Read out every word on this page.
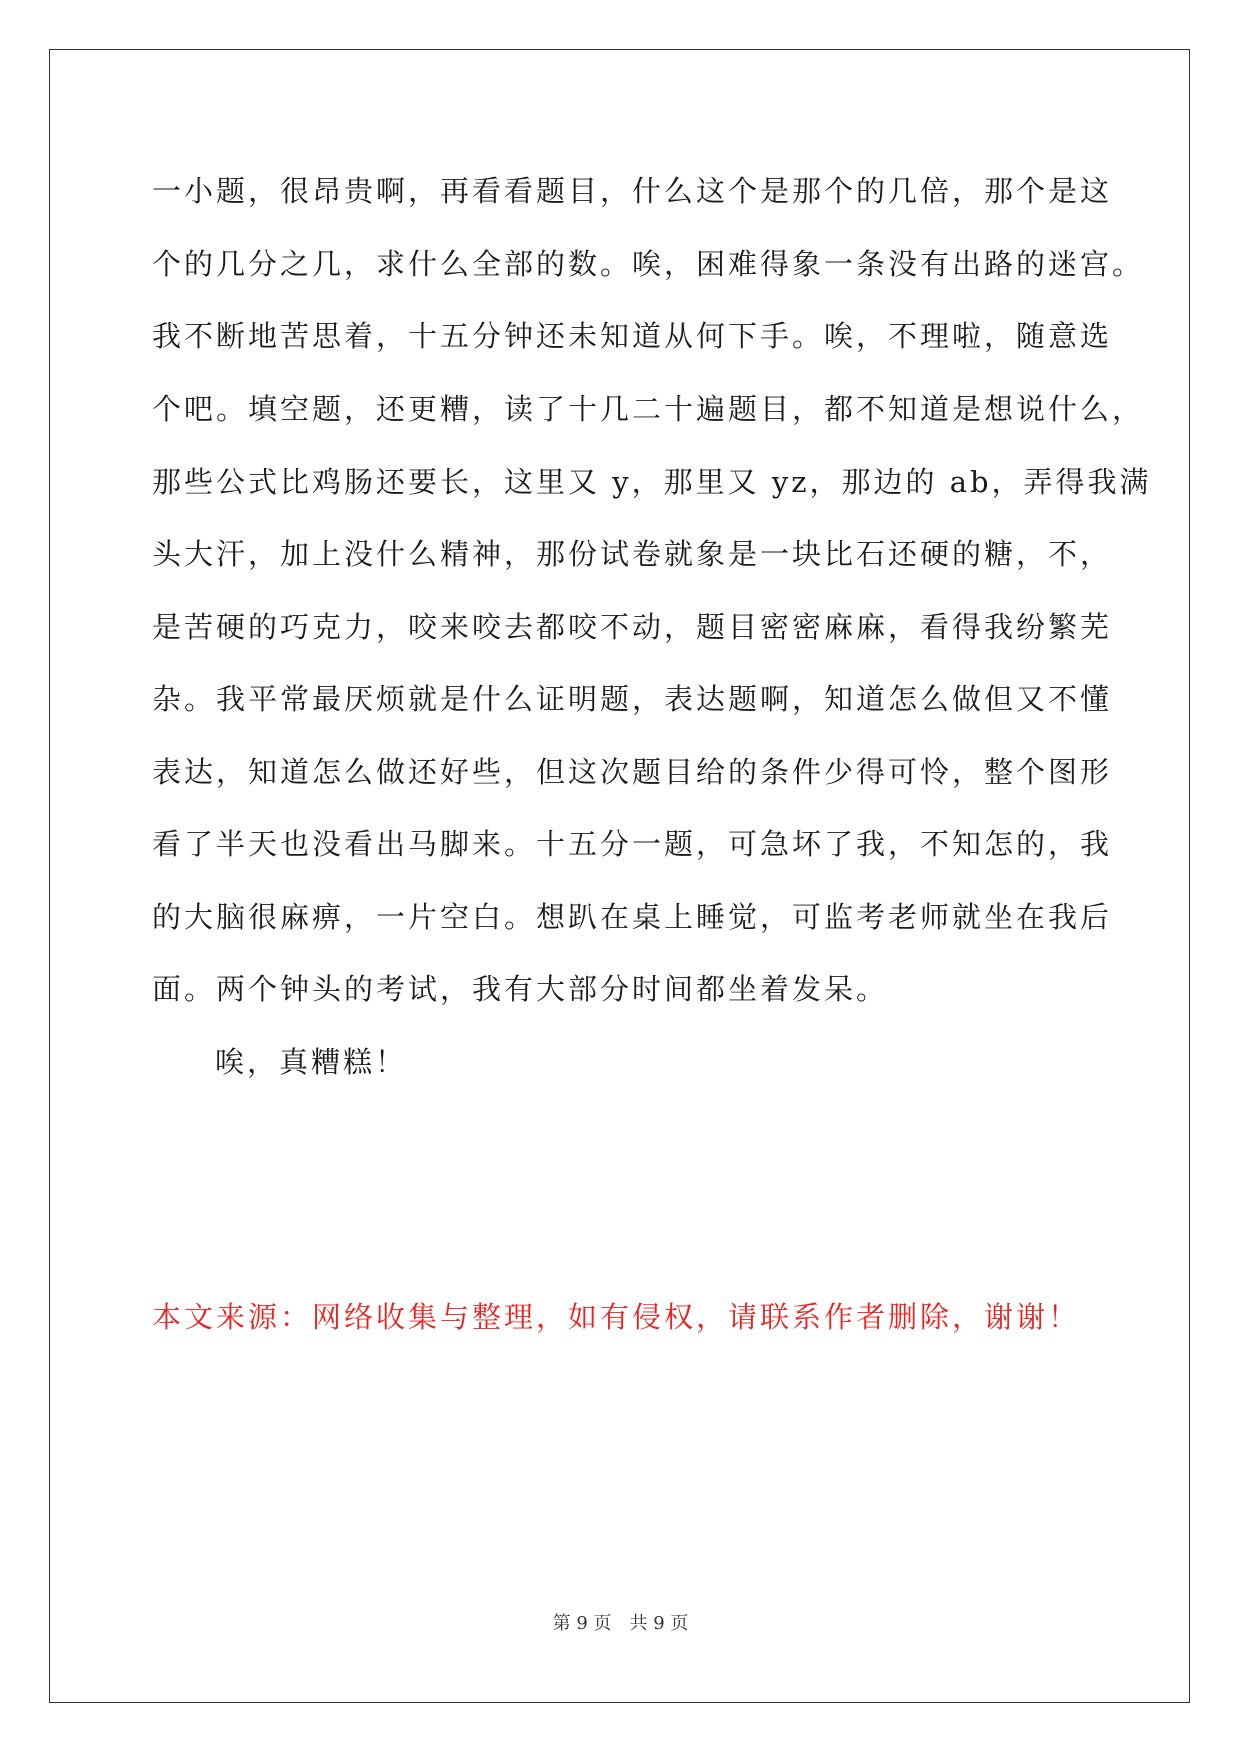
一小题，很昂贵啊，再看看题目，什么这个是那个的几倍，那个是这
个的几分之几，求什么全部的数。唉，困难得象一条没有出路的迷宫。
我不断地苦思着，十五分钟还未知道从何下手。唉，不理啦，随意选
个吧。填空题，还更糟，读了十几二十遍题目，都不知道是想说什么，
那些公式比鸡肠还要长，这里又 y，那里又 yz，那边的 ab，弄得我满
头大汗，加上没什么精神，那份试卷就象是一块比石还硬的糖，不，
是苦硬的巧克力，咬来咬去都咬不动，题目密密麻麻，看得我纷繁芜
杂。我平常最厌烦就是什么证明题，表达题啊，知道怎么做但又不懂
表达，知道怎么做还好些，但这次题目给的条件少得可怜，整个图形
看了半天也没看出马脚来。十五分一题，可急坏了我，不知怎的，我
的大脑很麻痹，一片空白。想趴在桌上睡觉，可监考老师就坐在我后
面。两个钟头的考试，我有大部分时间都坐着发呆。
唉，真糟糕！
本文来源：网络收集与整理，如有侵权，请联系作者删除，谢谢！
第 9 页　共 9 页
